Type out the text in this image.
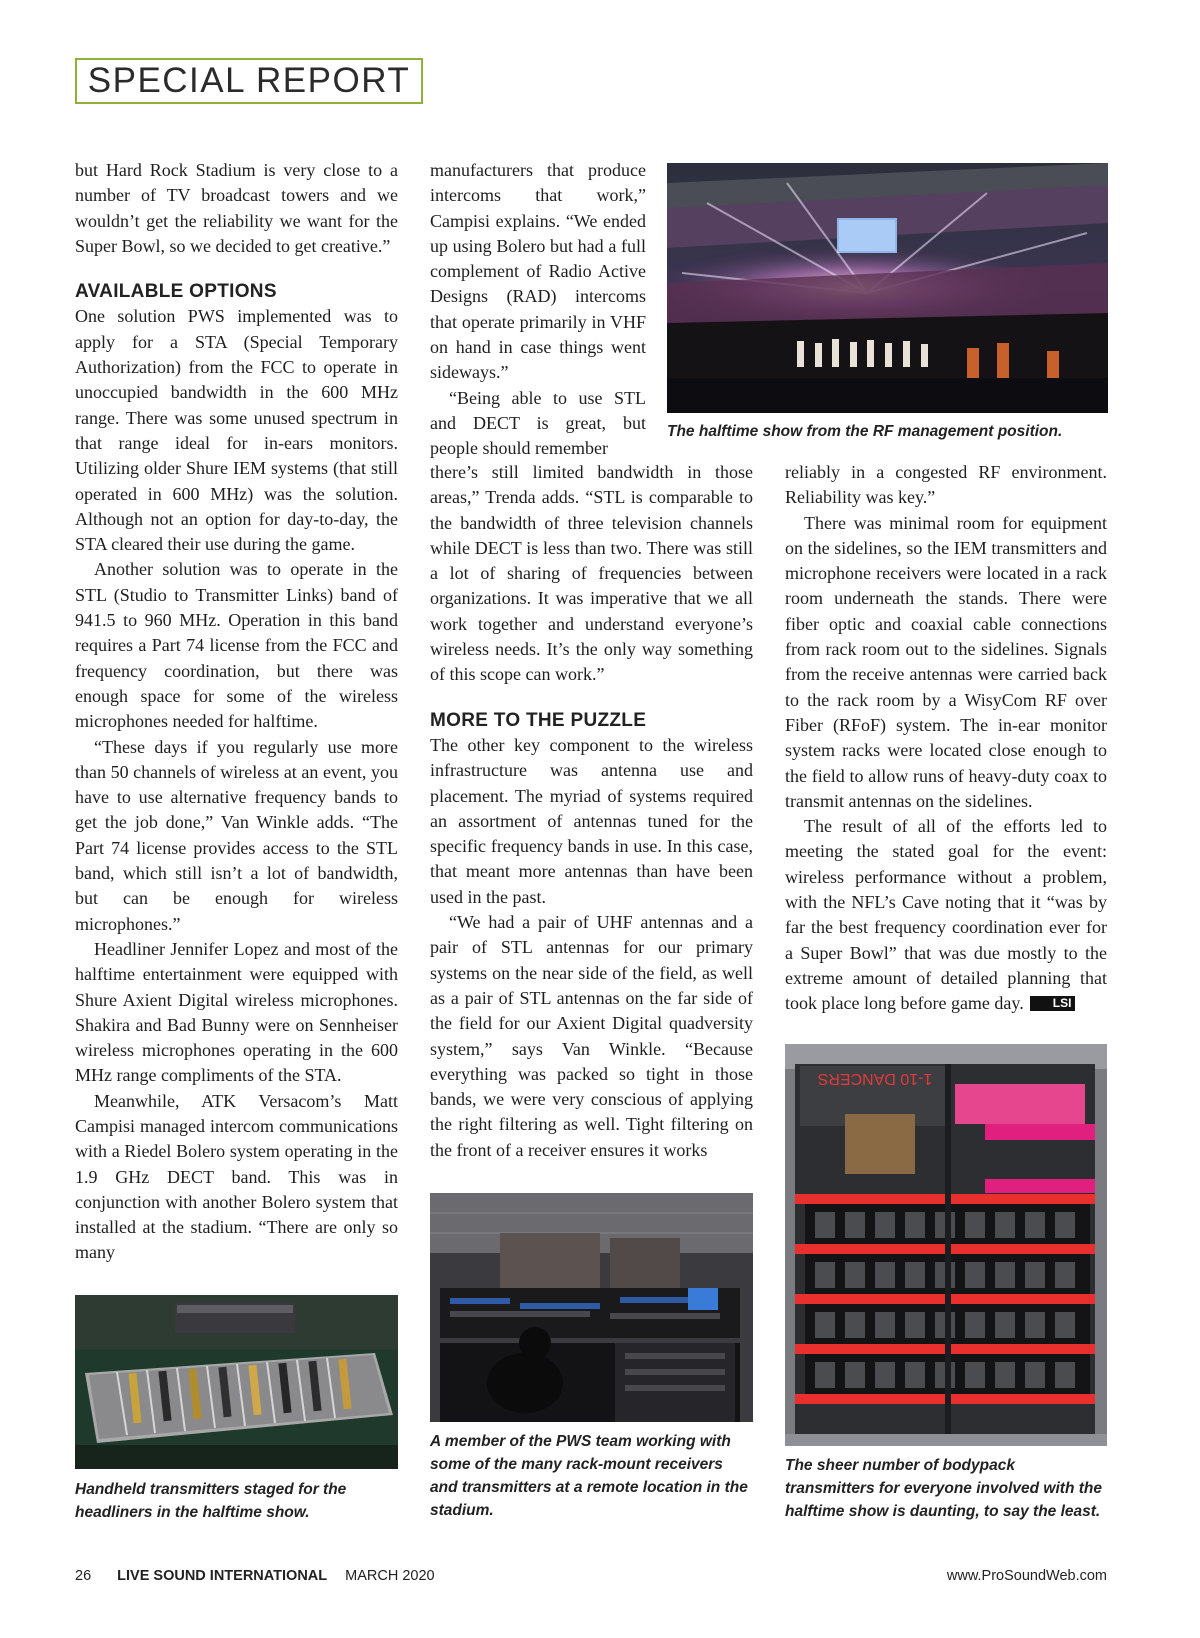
SPECIAL REPORT

but Hard Rock Stadium is very close to a number of TV broadcast towers and we wouldn’t get the reliability we want for the Super Bowl, so we decided to get creative.”

AVAILABLE OPTIONS

One solution PWS implemented was to apply for a STA (Special Temporary Authorization) from the FCC to operate in unoccupied bandwidth in the 600 MHz range. There was some unused spectrum in that range ideal for in-ears monitors. Utilizing older Shure IEM systems (that still operated in 600 MHz) was the solution. Although not an option for day-to-day, the STA cleared their use during the game.

Another solution was to operate in the STL (Studio to Transmitter Links) band of 941.5 to 960 MHz. Operation in this band requires a Part 74 license from the FCC and frequency coordination, but there was enough space for some of the wireless microphones needed for halftime.

“These days if you regularly use more than 50 channels of wireless at an event, you have to use alternative frequency bands to get the job done,” Van Winkle adds. “The Part 74 license provides access to the STL band, which still isn’t a lot of bandwidth, but can be enough for wireless microphones.”

Headliner Jennifer Lopez and most of the halftime entertainment were equipped with Shure Axient Digital wireless microphones. Shakira and Bad Bunny were on Sennheiser wireless microphones operating in the 600 MHz range compliments of the STA.

Meanwhile, ATK Versacom’s Matt Campisi managed intercom communications with a Riedel Bolero system operating in the 1.9 GHz DECT band. This was in conjunction with another Bolero system that installed at the stadium. “There are only so many

manufacturers that produce intercoms that work,” Campisi explains. “We ended up using Bolero but had a full complement of Radio Active Designs (RAD) intercoms that operate primarily in VHF on hand in case things went sideways.”

“Being able to use STL and DECT is great, but people should remember

there’s still limited bandwidth in those areas,” Trenda adds. “STL is comparable to the bandwidth of three television channels while DECT is less than two. There was still a lot of sharing of frequencies between organizations. It was imperative that we all work together and understand everyone’s wireless needs. It’s the only way something of this scope can work.”

MORE TO THE PUZZLE

The other key component to the wireless infrastructure was antenna use and placement. The myriad of systems required an assortment of antennas tuned for the specific frequency bands in use. In this case, that meant more antennas than have been used in the past.

“We had a pair of UHF antennas and a pair of STL antennas for our primary systems on the near side of the field, as well as a pair of STL antennas on the far side of the field for our Axient Digital quadversity system,” says Van Winkle. “Because everything was packed so tight in those bands, we were very conscious of applying the right filtering as well. Tight filtering on the front of a receiver ensures it works

reliably in a congested RF environment. Reliability was key.”

There was minimal room for equipment on the sidelines, so the IEM transmitters and microphone receivers were located in a rack room underneath the stands. There were fiber optic and coaxial cable connections from rack room out to the sidelines. Signals from the receive antennas were carried back to the rack room by a WisyCom RF over Fiber (RFoF) system. The in-ear monitor system racks were located close enough to the field to allow runs of heavy-duty coax to transmit antennas on the sidelines.

The result of all of the efforts led to meeting the stated goal for the event: wireless performance without a problem, with the NFL’s Cave noting that it “was by far the best frequency coordination ever for a Super Bowl” that was due mostly to the extreme amount of detailed planning that took place long before game day. LSI

The halftime show from the RF management position.
Handheld transmitters staged for the headliners in the halftime show.
A member of the PWS team working with some of the many rack-mount receivers and transmitters at a remote location in the stadium.
1-10 DANCERS
The sheer number of bodypack transmitters for everyone involved with the halftime show is daunting, to say the least.
26 LIVE SOUND INTERNATIONAL MARCH 2020	www.ProSoundWeb.com
